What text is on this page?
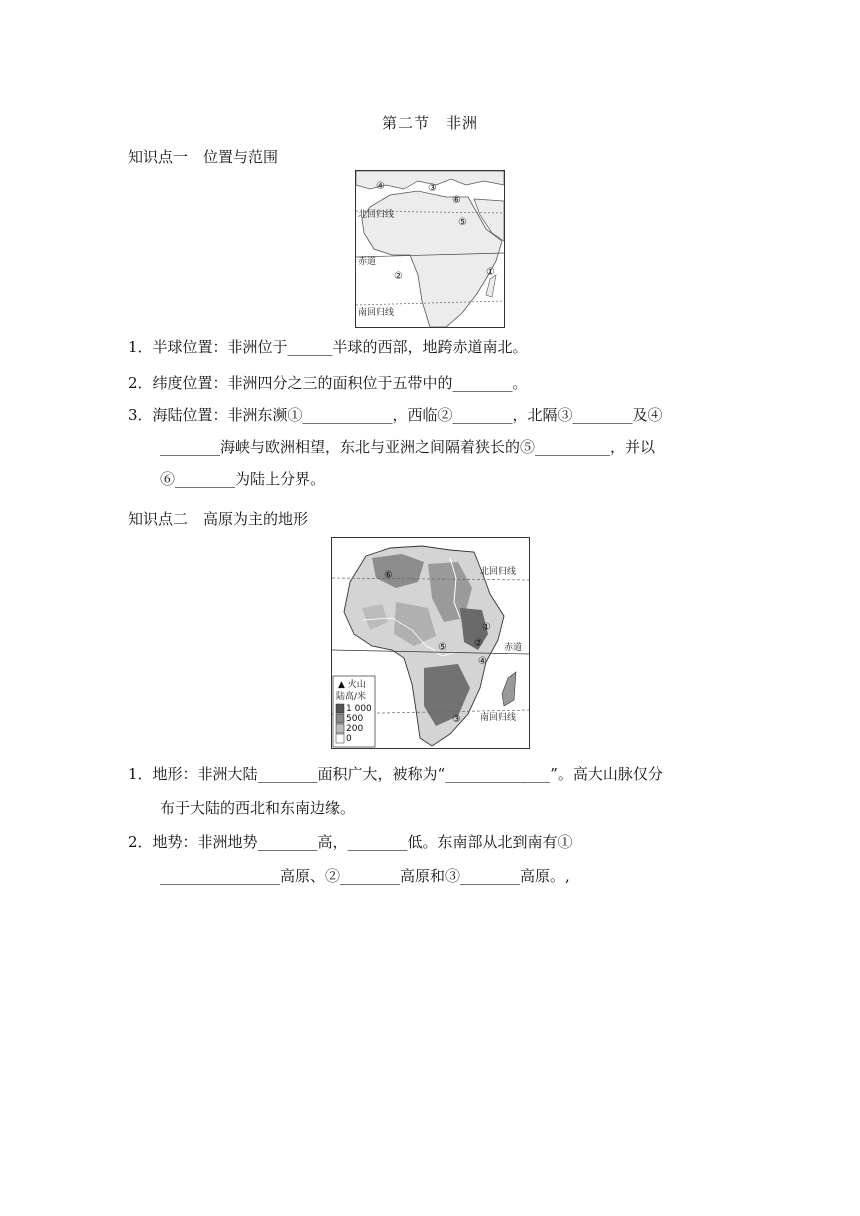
第二节　非洲
知识点一　位置与范围
北回归线
赤道
南回归线
④	③
⑥
⑤
②	①
1．半球位置：非洲位于______半球的西部，地跨赤道南北。
2．纬度位置：非洲四分之三的面积位于五带中的________。
3．海陆位置：非洲东濒①____________，西临②________，北隔③________及④
________海峡与欧洲相望，东北与亚洲之间隔着狭长的⑤__________，并以
⑥________为陆上分界。
知识点二　高原为主的地形
北回归线
赤道
南回归线
⑥
①
②
⑤
④
③
▲ 火山
陆高/米
1 000
500
200
0
1．地形：非洲大陆________面积广大，被称为“______________”。高大山脉仅分
布于大陆的西北和东南边缘。
2．地势：非洲地势________高，________低。东南部从北到南有①
________________高原、②________高原和③________高原。,
